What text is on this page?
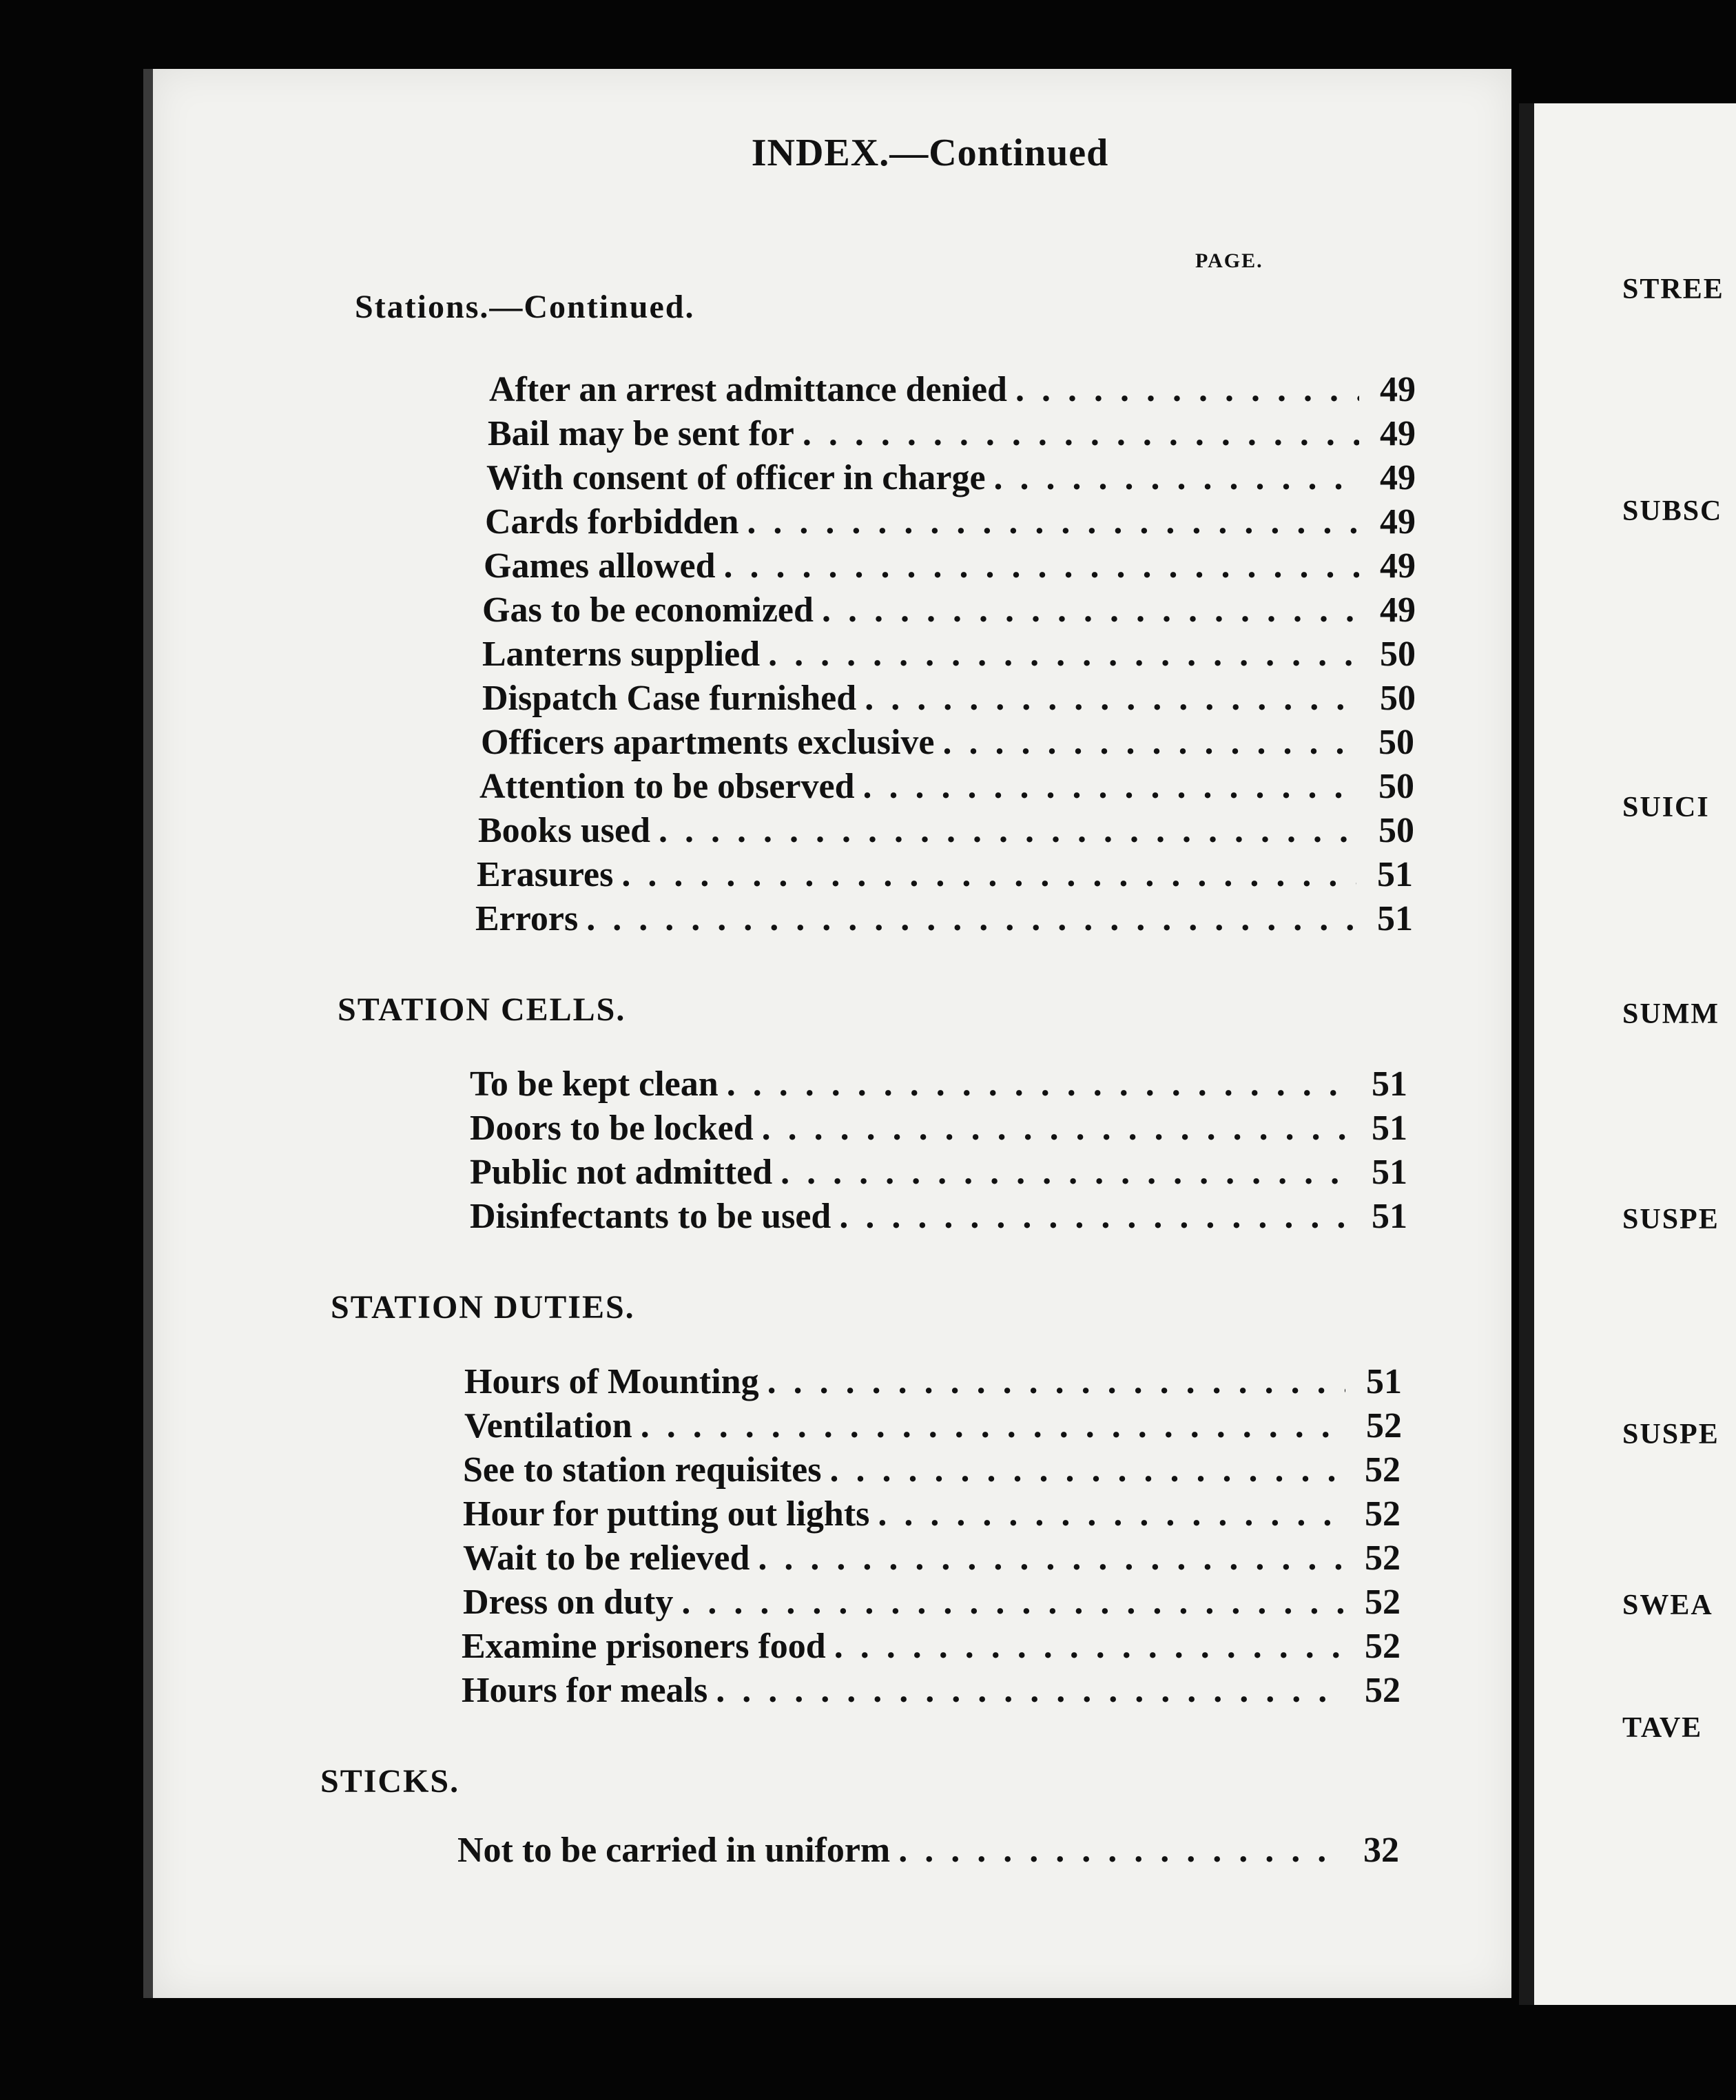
INDEX.—Continued
PAGE.
Stations.—Continued.
After an arrest admittance denied . . .	49
Bail may be sent for . . .	49
With consent of officer in charge . . .	49
Cards forbidden . . .	49
Games allowed . . .	49
Gas to be economized . . .	49
Lanterns supplied . . .	50
Dispatch Case furnished . . .	50
Officers apartments exclusive . . .	50
Attention to be observed . . .	50
Books used . . .	50
Erasures . . .	51
Errors . . .	51
STATION CELLS.
To be kept clean . . .	51
Doors to be locked . . .	51
Public not admitted . . .	51
Disinfectants to be used . . .	51
STATION DUTIES.
Hours of Mounting . . .	51
Ventilation . . .	52
See to station requisites . . .	52
Hour for putting out lights . . .	52
Wait to be relieved . . .	52
Dress on duty . . .	52
Examine prisoners food . . .	52
Hours for meals . . .	52
STICKS.
Not to be carried in uniform . . .	32
STREE
SUBSC
SUICI
SUMM
SUSPE
SUSPE
SWEA
TAVE
